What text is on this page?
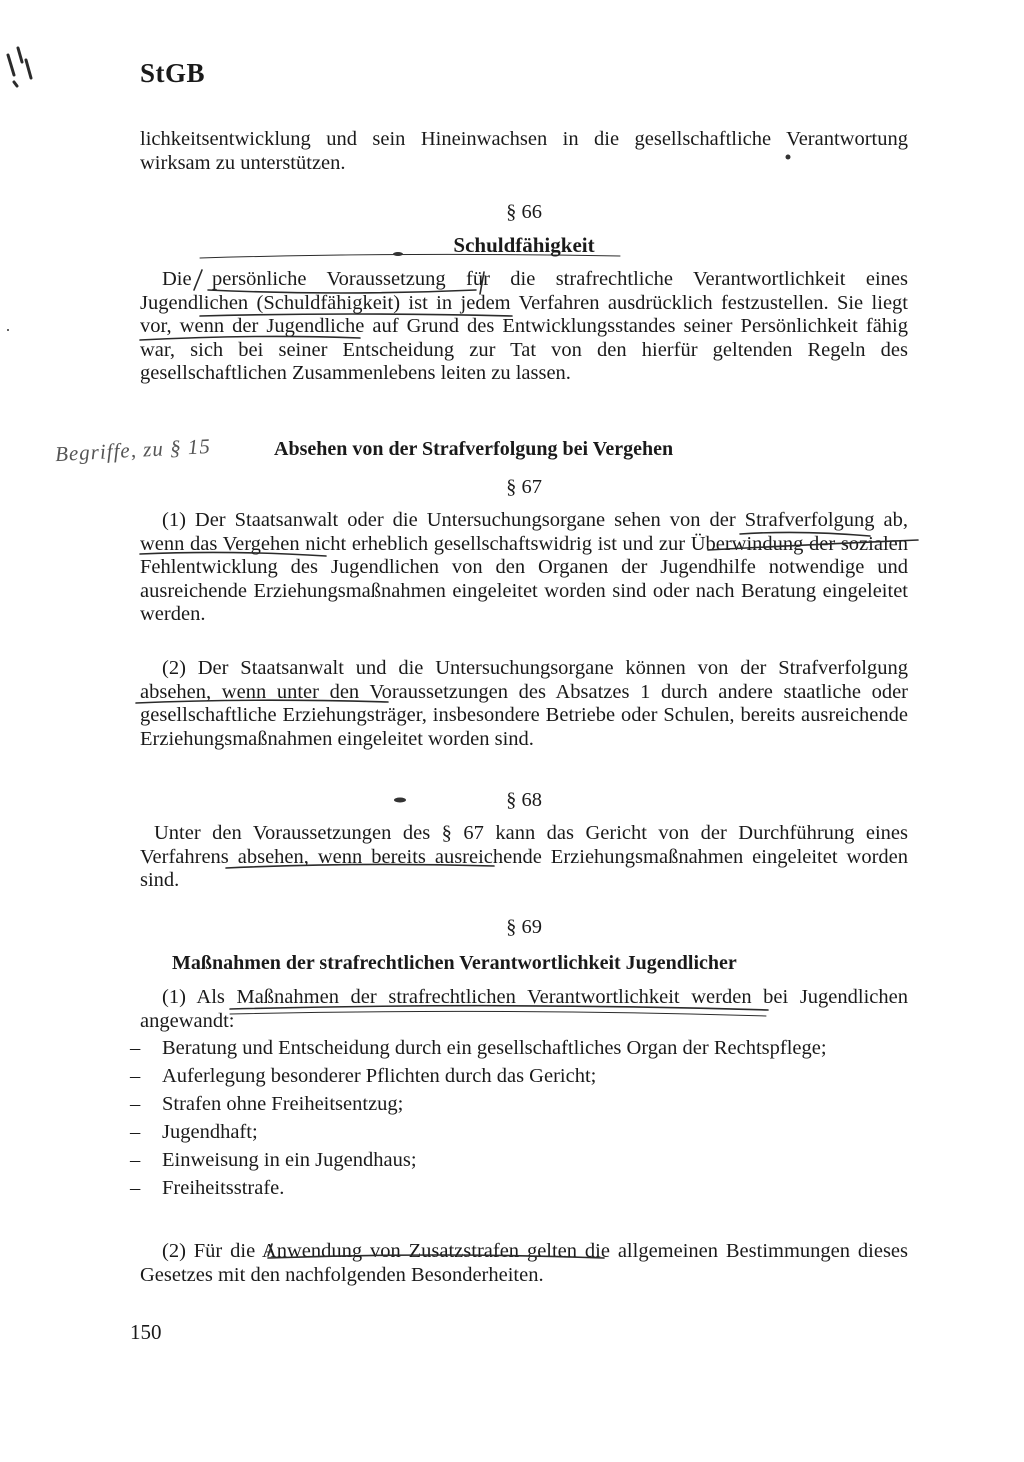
StGB
lichkeitsentwicklung und sein Hineinwachsen in die gesellschaftliche Verantwortung wirksam zu unterstützen.
§ 66
Schuldfähigkeit
Die persönliche Voraussetzung für die strafrechtliche Verantwortlichkeit eines Jugendlichen (Schuldfähigkeit) ist in jedem Verfahren ausdrücklich festzustellen. Sie liegt vor, wenn der Jugendliche auf Grund des Entwicklungsstandes seiner Persönlichkeit fähig war, sich bei seiner Entscheidung zur Tat von den hierfür geltenden Regeln des gesellschaftlichen Zusammenlebens leiten zu lassen.
Begriffe, zu § 15	Absehen von der Strafverfolgung bei Vergehen
§ 67
(1) Der Staatsanwalt oder die Untersuchungsorgane sehen von der Strafverfolgung ab, wenn das Vergehen nicht erheblich gesellschaftswidrig ist und zur Überwindung der sozialen Fehlentwicklung des Jugendlichen von den Organen der Jugendhilfe notwendige und ausreichende Erziehungsmaßnahmen eingeleitet worden sind oder nach Beratung eingeleitet werden.
(2) Der Staatsanwalt und die Untersuchungsorgane können von der Strafverfolgung absehen, wenn unter den Voraussetzungen des Absatzes 1 durch andere staatliche oder gesellschaftliche Erziehungsträger, insbesondere Betriebe oder Schulen, bereits ausreichende Erziehungsmaßnahmen eingeleitet worden sind.
§ 68
Unter den Voraussetzungen des § 67 kann das Gericht von der Durchführung eines Verfahrens absehen, wenn bereits ausreichende Erziehungsmaßnahmen eingeleitet worden sind.
§ 69
Maßnahmen der strafrechtlichen Verantwortlichkeit Jugendlicher
(1) Als Maßnahmen der strafrechtlichen Verantwortlichkeit werden bei Jugendlichen angewandt:
– Beratung und Entscheidung durch ein gesellschaftliches Organ der Rechtspflege;
– Auferlegung besonderer Pflichten durch das Gericht;
– Strafen ohne Freiheitsentzug;
– Jugendhaft;
– Einweisung in ein Jugendhaus;
– Freiheitsstrafe.
(2) Für die Anwendung von Zusatzstrafen gelten die allgemeinen Bestimmungen dieses Gesetzes mit den nachfolgenden Besonderheiten.
150
